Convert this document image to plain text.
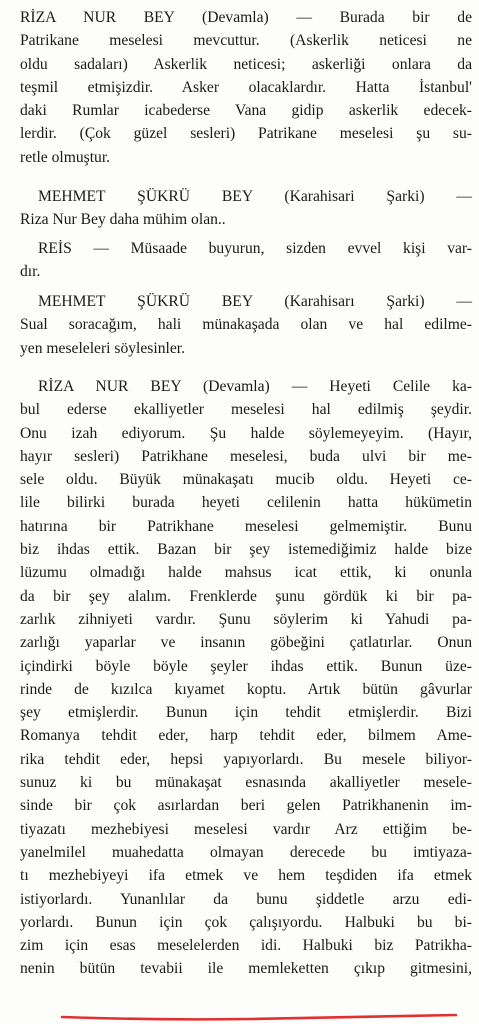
RİZA NUR BEY (Devamla) — Burada bir de
Patrikane meselesi mevcuttur. (Askerlik neticesi ne
oldu sadaları) Askerlik neticesi; askerliği onlara da
teşmil etmişizdir. Asker olacaklardır. Hatta İstanbul'
daki Rumlar icabederse Vana gidip askerlik edecek-
lerdir. (Çok güzel sesleri) Patrikane meselesi şu su-
retle olmuştur.
MEHMET ŞÜKRÜ BEY (Karahisari Şarki) —
Riza Nur Bey daha mühim olan..
REİS — Müsaade buyurun, sizden evvel kişi var-
dır.
MEHMET ŞÜKRÜ BEY (Karahisarı Şarki) —
Sual soracağım, hali münakaşada olan ve hal edilme-
yen meseleleri söylesinler.
RİZA NUR BEY (Devamla) — Heyeti Celile ka-
bul ederse ekalliyetler meselesi hal edilmiş şeydir.
Onu izah ediyorum. Şu halde söylemeyeyim. (Hayır,
hayır sesleri) Patrikhane meselesi, buda ulvi bir me-
sele oldu. Büyük münakaşatı mucib oldu. Heyeti ce-
lile bilirki burada heyeti celilenin hatta hükümetin
hatırına bir Patrikhane meselesi gelmemiştir. Bunu
biz ihdas ettik. Bazan bir şey istemediğimiz halde bize
lüzumu olmadığı halde mahsus icat ettik, ki onunla
da bir şey alalım. Frenklerde şunu gördük ki bir pa-
zarlık zihniyeti vardır. Şunu söylerim ki Yahudi pa-
zarlığı yaparlar ve insanın göbeğini çatlatırlar. Onun
içindirki böyle böyle şeyler ihdas ettik. Bunun üze-
rinde de kızılca kıyamet koptu. Artık bütün gâvurlar
şey etmişlerdir. Bunun için tehdit etmişlerdir. Bizi
Romanya tehdit eder, harp tehdit eder, bilmem Ame-
rika tehdit eder, hepsi yapıyorlardı. Bu mesele biliyor-
sunuz ki bu münakaşat esnasında akalliyetler mesele-
sinde bir çok asırlardan beri gelen Patrikhanenin im-
tiyazatı mezhebiyesi meselesi vardır Arz ettiğim be-
yanelmilel muahedatta olmayan derecede bu imtiyaza-
tı mezhebiyeyi ifa etmek ve hem teşdiden ifa etmek
istiyorlardı. Yunanlılar da bunu şiddetle arzu edi-
yorlardı. Bunun için çok çalışıyordu. Halbuki bu bi-
zim için esas meselelerden idi. Halbuki biz Patrikha-
nenin bütün tevabii ile memleketten çıkıp gitmesini,
